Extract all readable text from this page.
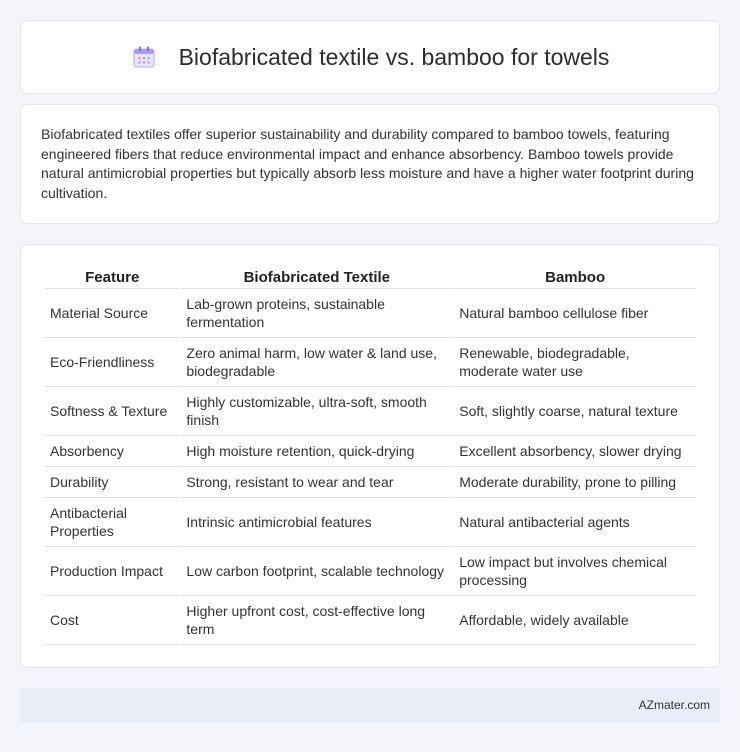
Biofabricated textile vs. bamboo for towels

Biofabricated textiles offer superior sustainability and durability compared to bamboo towels, featuring engineered fibers that reduce environmental impact and enhance absorbency. Bamboo towels provide natural antimicrobial properties but typically absorb less moisture and have a higher water footprint during cultivation.

Feature	Biofabricated Textile	Bamboo
Material Source	Lab-grown proteins, sustainable fermentation	Natural bamboo cellulose fiber
Eco-Friendliness	Zero animal harm, low water & land use, biodegradable	Renewable, biodegradable, moderate water use
Softness & Texture	Highly customizable, ultra-soft, smooth finish	Soft, slightly coarse, natural texture
Absorbency	High moisture retention, quick-drying	Excellent absorbency, slower drying
Durability	Strong, resistant to wear and tear	Moderate durability, prone to pilling
Antibacterial Properties	Intrinsic antimicrobial features	Natural antibacterial agents
Production Impact	Low carbon footprint, scalable technology	Low impact but involves chemical processing
Cost	Higher upfront cost, cost-effective long term	Affordable, widely available
AZmater.com
